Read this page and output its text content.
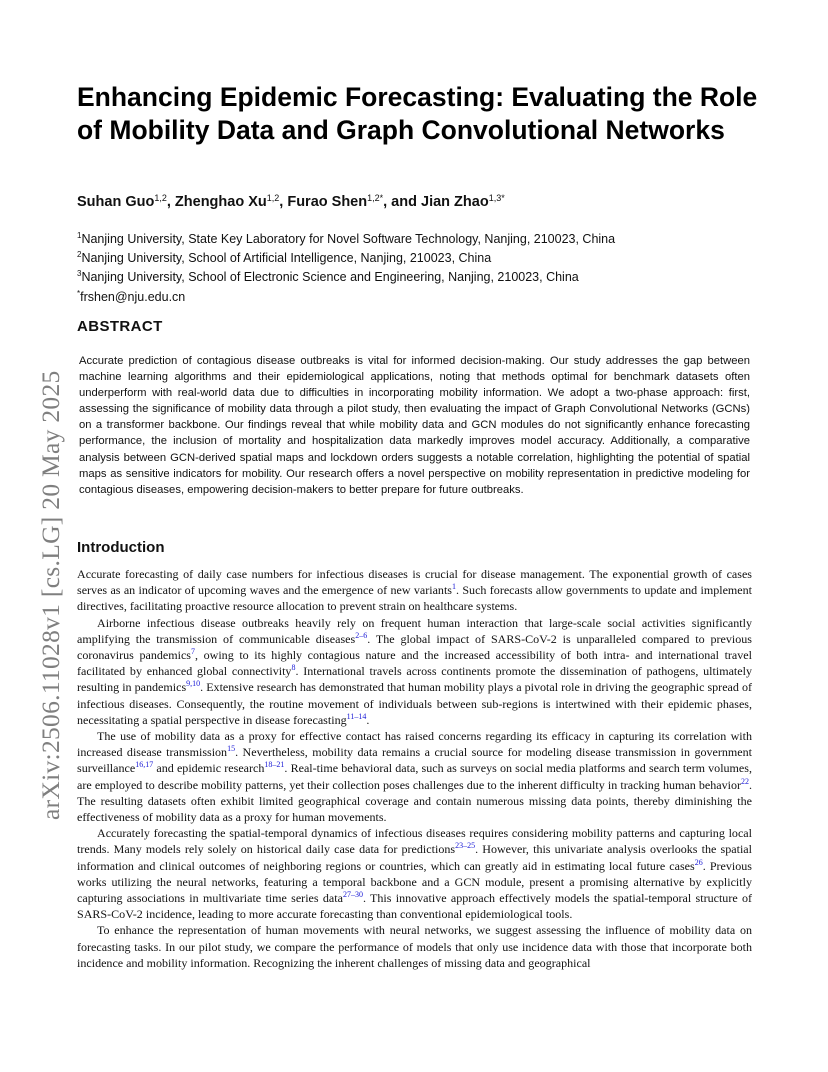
arXiv:2506.11028v1 [cs.LG] 20 May 2025
Enhancing Epidemic Forecasting: Evaluating the Role of Mobility Data and Graph Convolutional Networks
Suhan Guo$^{1,2}$, Zhenghao Xu$^{1,2}$, Furao Shen$^{1,2*}$, and Jian Zhao$^{1,3*}$
$^1$Nanjing University, State Key Laboratory for Novel Software Technology, Nanjing, 210023, China
$^2$Nanjing University, School of Artificial Intelligence, Nanjing, 210023, China
$^3$Nanjing University, School of Electronic Science and Engineering, Nanjing, 210023, China
*frshen@nju.edu.cn
ABSTRACT

Accurate prediction of contagious disease outbreaks is vital for informed decision-making. Our study addresses the gap between machine learning algorithms and their epidemiological applications, noting that methods optimal for benchmark datasets often underperform with real-world data due to difficulties in incorporating mobility information. We adopt a two-phase approach: first, assessing the significance of mobility data through a pilot study, then evaluating the impact of Graph Convolutional Networks (GCNs) on a transformer backbone. Our findings reveal that while mobility data and GCN modules do not significantly enhance forecasting performance, the inclusion of mortality and hospitalization data markedly improves model accuracy. Additionally, a comparative analysis between GCN-derived spatial maps and lockdown orders suggests a notable correlation, highlighting the potential of spatial maps as sensitive indicators for mobility. Our research offers a novel perspective on mobility representation in predictive modeling for contagious diseases, empowering decision-makers to better prepare for future outbreaks.

Introduction

Accurate forecasting of daily case numbers for infectious diseases is crucial for disease management. The exponential growth of cases serves as an indicator of upcoming waves and the emergence of new variants$^1$. Such forecasts allow governments to update and implement directives, facilitating proactive resource allocation to prevent strain on healthcare systems.

Airborne infectious disease outbreaks heavily rely on frequent human interaction that large-scale social activities significantly amplifying the transmission of communicable diseases$^{2-6}$. The global impact of SARS-CoV-2 is unparalleled compared to previous coronavirus pandemics$^7$, owing to its highly contagious nature and the increased accessibility of both intra- and international travel facilitated by enhanced global connectivity$^8$. International travels across continents promote the dissemination of pathogens, ultimately resulting in pandemics$^{9,10}$. Extensive research has demonstrated that human mobility plays a pivotal role in driving the geographic spread of infectious diseases. Consequently, the routine movement of individuals between sub-regions is intertwined with their epidemic phases, necessitating a spatial perspective in disease forecasting$^{11-14}$.

The use of mobility data as a proxy for effective contact has raised concerns regarding its efficacy in capturing its correlation with increased disease transmission$^{15}$. Nevertheless, mobility data remains a crucial source for modeling disease transmission in government surveillance$^{16,17}$ and epidemic research$^{18-21}$. Real-time behavioral data, such as surveys on social media platforms and search term volumes, are employed to describe mobility patterns, yet their collection poses challenges due to the inherent difficulty in tracking human behavior$^{22}$. The resulting datasets often exhibit limited geographical coverage and contain numerous missing data points, thereby diminishing the effectiveness of mobility data as a proxy for human movements.

Accurately forecasting the spatial-temporal dynamics of infectious diseases requires considering mobility patterns and capturing local trends. Many models rely solely on historical daily case data for predictions$^{23-25}$. However, this univariate analysis overlooks the spatial information and clinical outcomes of neighboring regions or countries, which can greatly aid in estimating local future cases$^{26}$. Previous works utilizing the neural networks, featuring a temporal backbone and a GCN module, present a promising alternative by explicitly capturing associations in multivariate time series data$^{27-30}$. This innovative approach effectively models the spatial-temporal structure of SARS-CoV-2 incidence, leading to more accurate forecasting than conventional epidemiological tools.

To enhance the representation of human movements with neural networks, we suggest assessing the influence of mobility data on forecasting tasks. In our pilot study, we compare the performance of models that only use incidence data with those that incorporate both incidence and mobility information. Recognizing the inherent challenges of missing data and geographical
